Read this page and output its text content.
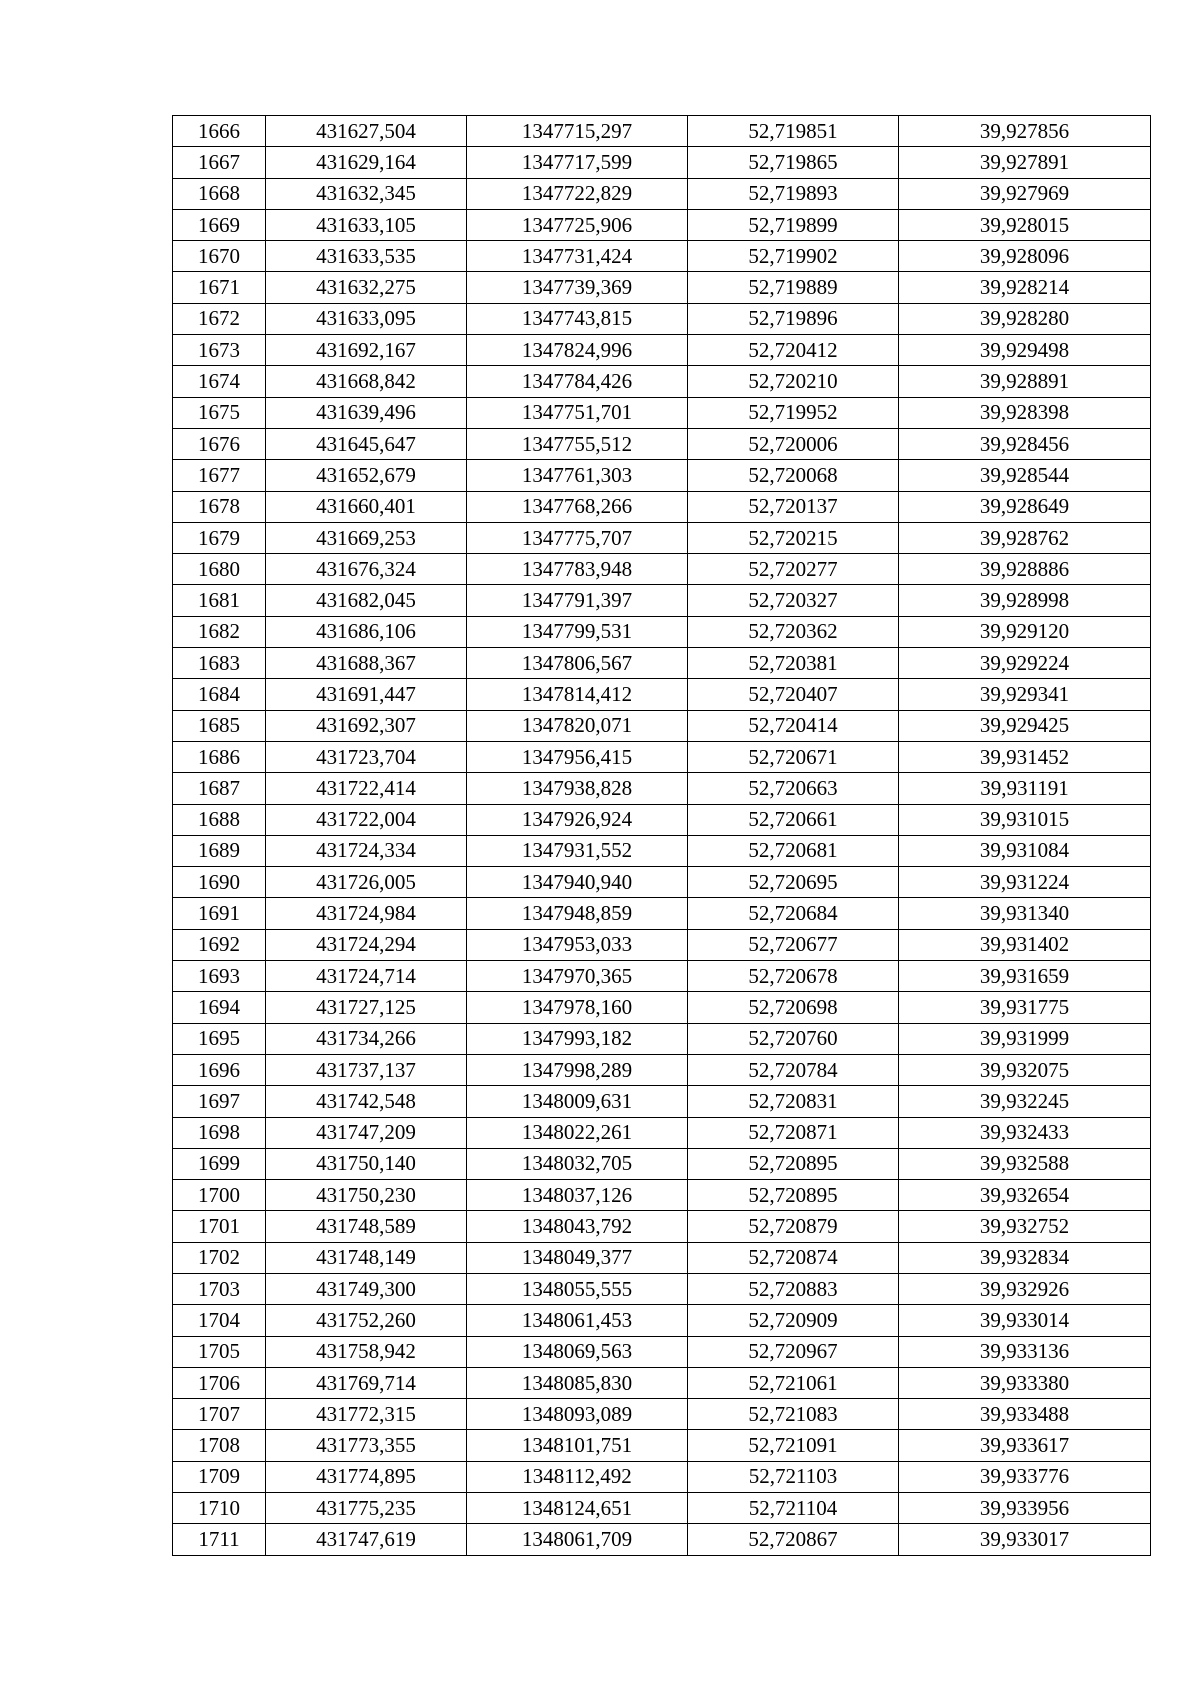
1666	431627,504	1347715,297	52,719851	39,927856
1667	431629,164	1347717,599	52,719865	39,927891
1668	431632,345	1347722,829	52,719893	39,927969
1669	431633,105	1347725,906	52,719899	39,928015
1670	431633,535	1347731,424	52,719902	39,928096
1671	431632,275	1347739,369	52,719889	39,928214
1672	431633,095	1347743,815	52,719896	39,928280
1673	431692,167	1347824,996	52,720412	39,929498
1674	431668,842	1347784,426	52,720210	39,928891
1675	431639,496	1347751,701	52,719952	39,928398
1676	431645,647	1347755,512	52,720006	39,928456
1677	431652,679	1347761,303	52,720068	39,928544
1678	431660,401	1347768,266	52,720137	39,928649
1679	431669,253	1347775,707	52,720215	39,928762
1680	431676,324	1347783,948	52,720277	39,928886
1681	431682,045	1347791,397	52,720327	39,928998
1682	431686,106	1347799,531	52,720362	39,929120
1683	431688,367	1347806,567	52,720381	39,929224
1684	431691,447	1347814,412	52,720407	39,929341
1685	431692,307	1347820,071	52,720414	39,929425
1686	431723,704	1347956,415	52,720671	39,931452
1687	431722,414	1347938,828	52,720663	39,931191
1688	431722,004	1347926,924	52,720661	39,931015
1689	431724,334	1347931,552	52,720681	39,931084
1690	431726,005	1347940,940	52,720695	39,931224
1691	431724,984	1347948,859	52,720684	39,931340
1692	431724,294	1347953,033	52,720677	39,931402
1693	431724,714	1347970,365	52,720678	39,931659
1694	431727,125	1347978,160	52,720698	39,931775
1695	431734,266	1347993,182	52,720760	39,931999
1696	431737,137	1347998,289	52,720784	39,932075
1697	431742,548	1348009,631	52,720831	39,932245
1698	431747,209	1348022,261	52,720871	39,932433
1699	431750,140	1348032,705	52,720895	39,932588
1700	431750,230	1348037,126	52,720895	39,932654
1701	431748,589	1348043,792	52,720879	39,932752
1702	431748,149	1348049,377	52,720874	39,932834
1703	431749,300	1348055,555	52,720883	39,932926
1704	431752,260	1348061,453	52,720909	39,933014
1705	431758,942	1348069,563	52,720967	39,933136
1706	431769,714	1348085,830	52,721061	39,933380
1707	431772,315	1348093,089	52,721083	39,933488
1708	431773,355	1348101,751	52,721091	39,933617
1709	431774,895	1348112,492	52,721103	39,933776
1710	431775,235	1348124,651	52,721104	39,933956
1711	431747,619	1348061,709	52,720867	39,933017
